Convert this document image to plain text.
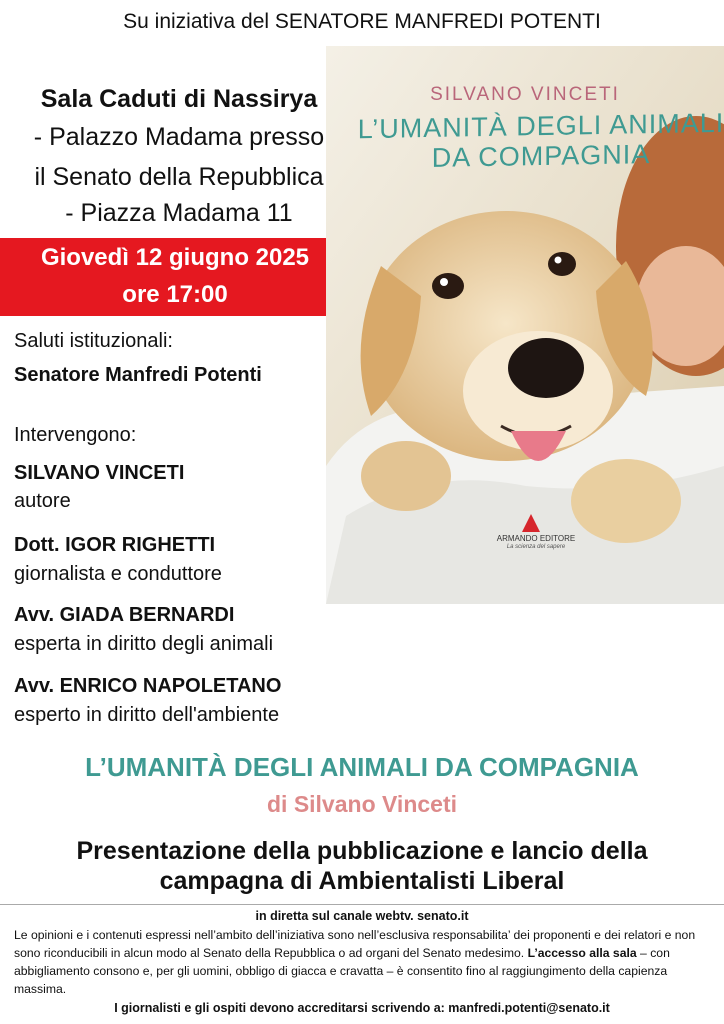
Su iniziativa del SENATORE MANFREDI POTENTI
Sala Caduti di Nassirya
- Palazzo Madama presso
il Senato della Repubblica
- Piazza Madama 11
Giovedì 12 giugno 2025
ore 17:00
Saluti istituzionali:
Senatore Manfredi Potenti
Intervengono:
SILVANO VINCETI
autore
Dott. IGOR RIGHETTI
giornalista e conduttore
Avv. GIADA BERNARDI
esperta in diritto degli animali
Avv. ENRICO NAPOLETANO
esperto in diritto dell'ambiente
SILVANO VINCETI
L’UMANITÀ DEGLI ANIMALI
DA COMPAGNIA
ARMANDO EDITORE
La scienza del sapere
L’UMANITÀ DEGLI ANIMALI DA COMPAGNIA
di Silvano Vinceti
Presentazione della pubblicazione e lancio della
campagna di Ambientalisti Liberal
in diretta sul canale webtv. senato.it
Le opinioni e i contenuti espressi nell’ambito dell’iniziativa sono nell’esclusiva responsabilita’ dei proponenti e dei relatori e non sono riconducibili in alcun modo al Senato della Repubblica o ad organi del Senato medesimo. L’accesso alla sala – con abbigliamento consono e, per gli uomini, obbligo di giacca e cravatta – è consentito fino al raggiungimento della capienza massima.
I giornalisti e gli ospiti devono accreditarsi scrivendo a: manfredi.potenti@senato.it
